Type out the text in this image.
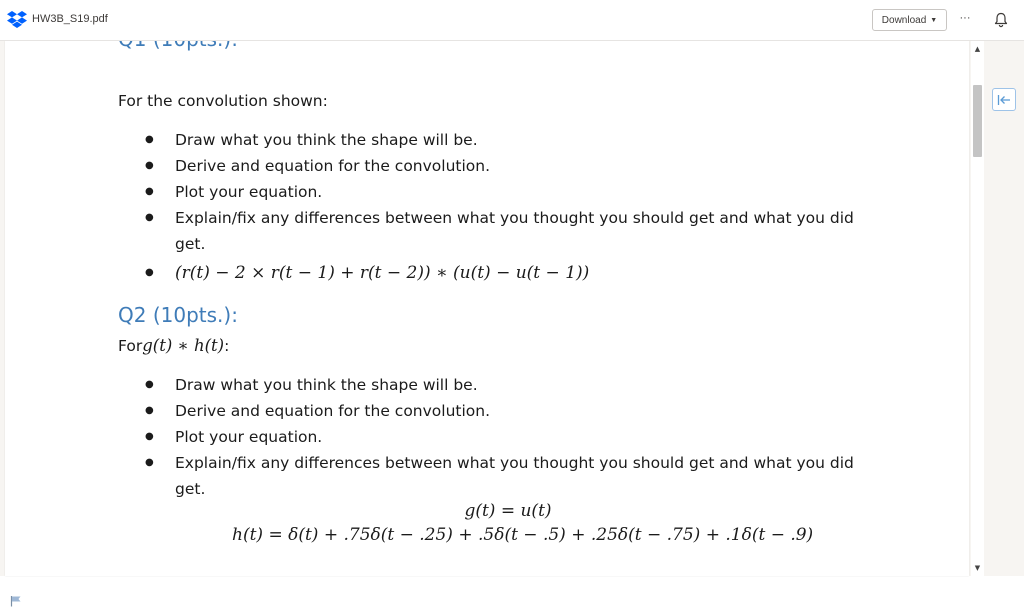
HW3B_S19.pdf	Download ▼	···
For the convolution shown:
● Draw what you think the shape will be.
● Derive and equation for the convolution.
● Plot your equation.
● Explain/fix any differences between what you thought you should get and what you did get.
● (r(t) − 2 × r(t − 1) + r(t − 2)) ∗ (u(t) − u(t − 1))
Q2 (10pts.):
Forg(t) ∗ h(t):
● Draw what you think the shape will be.
● Derive and equation for the convolution.
● Plot your equation.
● Explain/fix any differences between what you thought you should get and what you did get.
g(t) = u(t)
h(t) = δ(t) + .75δ(t − .25) + .5δ(t − .5) + .25δ(t − .75) + .1δ(t − .9)
▲
▼
